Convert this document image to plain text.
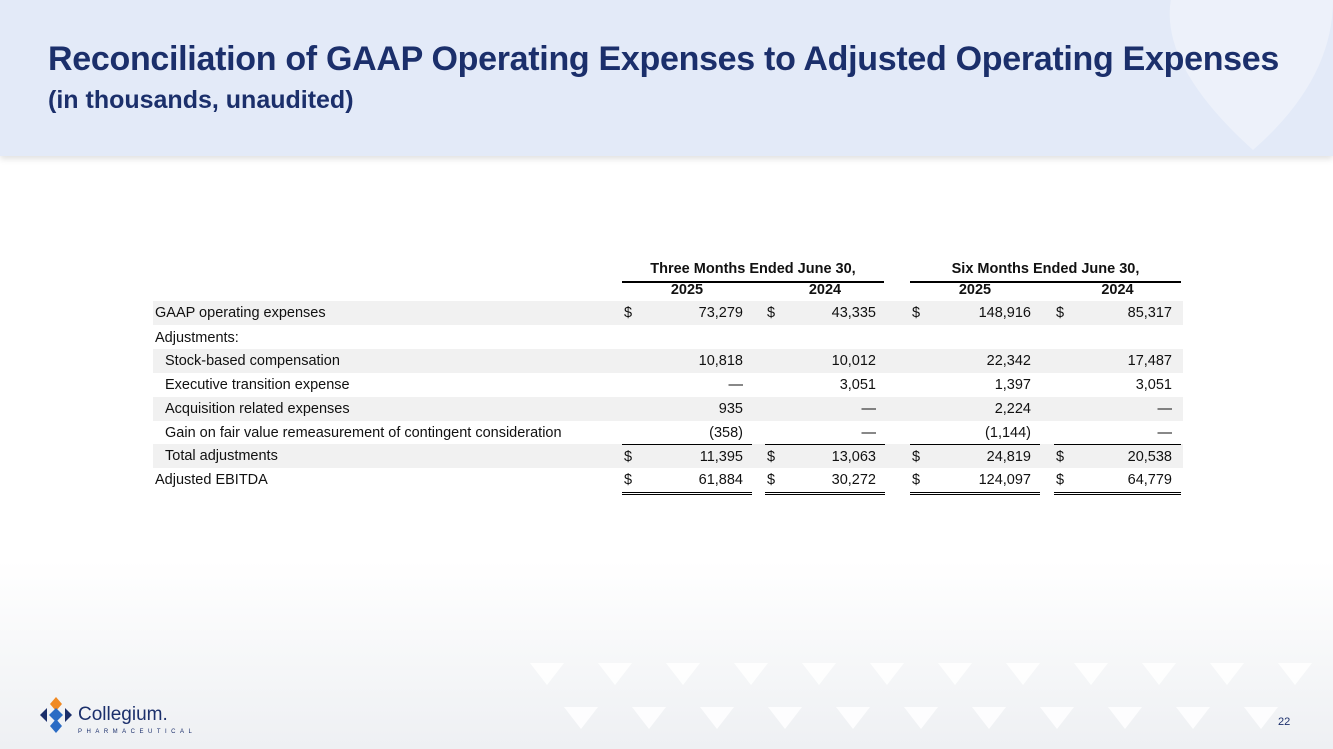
Reconciliation of GAAP Operating Expenses to Adjusted Operating Expenses
(in thousands, unaudited)
Three Months Ended June 30,	Six Months Ended June 30,
2025	2024	2025	2024
GAAP operating expenses	$	73,279 $	43,335 $	148,916 $	85,317
Adjustments:
Stock-based compensation	10,818	10,012	22,342	17,487
Executive transition expense	—	3,051	1,397	3,051
Acquisition related expenses	935	—	2,224	—
Gain on fair value remeasurement of contingent consideration	(358)	—	(1,144)	—
Total adjustments	$	11,395 $	13,063 $	24,819 $	20,538
Adjusted EBITDA	$	61,884 $	30,272 $	124,097 $	64,779
Collegium.
PHARMACEUTICAL
22
